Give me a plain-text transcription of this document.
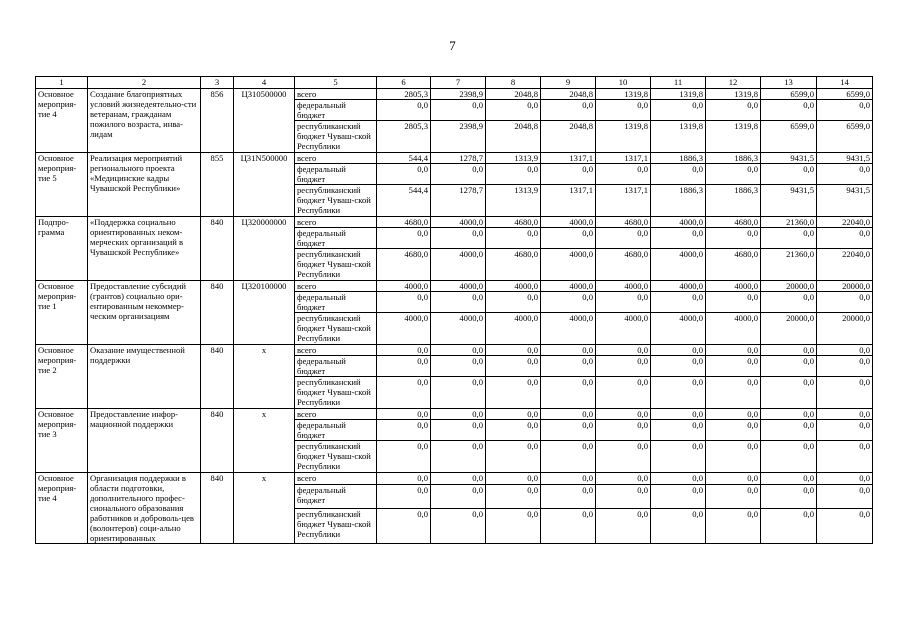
7
1	2	3	4	5	6	7	8	9	10	11	12	13	14
Основное мероприя-тие 4	Создание благоприятных условий жизнедеятельно-сти ветеранам, гражданам пожилого возраста, инва-лидам	856	Ц310500000	всего	2805,3	2398,9	2048,8	2048,8	1319,8	1319,8	1319,8	6599,0	6599,0
				федеральный бюджет	0,0	0,0	0,0	0,0	0,0	0,0	0,0	0,0	0,0
				республиканский бюджет Чуваш-ской Республики	2805,3	2398,9	2048,8	2048,8	1319,8	1319,8	1319,8	6599,0	6599,0
Основное мероприя-тие 5	Реализация мероприятий регионального проекта «Медицинские кадры Чувашской Республики»	855	Ц31N500000	всего	544,4	1278,7	1313,9	1317,1	1317,1	1886,3	1886,3	9431,5	9431,5
				федеральный бюджет	0,0	0,0	0,0	0,0	0,0	0,0	0,0	0,0	0,0
				республиканский бюджет Чуваш-ской Республики	544,4	1278,7	1313,9	1317,1	1317,1	1886,3	1886,3	9431,5	9431,5
Подпро-грамма	«Поддержка социально ориентированных неком-мерческих организаций в Чувашской Республике»	840	Ц320000000	всего	4680,0	4000,0	4680,0	4000,0	4680,0	4000,0	4680,0	21360,0	22040,0
				федеральный бюджет	0,0	0,0	0,0	0,0	0,0	0,0	0,0	0,0	0,0
				республиканский бюджет Чуваш-ской Республики	4680,0	4000,0	4680,0	4000,0	4680,0	4000,0	4680,0	21360,0	22040,0
Основное мероприя-тие 1	Предоставление субсидий (грантов) социально ори-ентированным некоммер-ческим организациям	840	Ц320100000	всего	4000,0	4000,0	4000,0	4000,0	4000,0	4000,0	4000,0	20000,0	20000,0
				федеральный бюджет	0,0	0,0	0,0	0,0	0,0	0,0	0,0	0,0	0,0
				республиканский бюджет Чуваш-ской Республики	4000,0	4000,0	4000,0	4000,0	4000,0	4000,0	4000,0	20000,0	20000,0
Основное мероприя-тие 2	Оказание имущественной поддержки	840	x	всего	0,0	0,0	0,0	0,0	0,0	0,0	0,0	0,0	0,0
				федеральный бюджет	0,0	0,0	0,0	0,0	0,0	0,0	0,0	0,0	0,0
				республиканский бюджет Чуваш-ской Республики	0,0	0,0	0,0	0,0	0,0	0,0	0,0	0,0	0,0
Основное мероприя-тие 3	Предоставление инфор-мационной поддержки	840	x	всего	0,0	0,0	0,0	0,0	0,0	0,0	0,0	0,0	0,0
				федеральный бюджет	0,0	0,0	0,0	0,0	0,0	0,0	0,0	0,0	0,0
				республиканский бюджет Чуваш-ской Республики	0,0	0,0	0,0	0,0	0,0	0,0	0,0	0,0	0,0
Основное мероприя-тие 4	Организация поддержки в области подготовки, дополнительного профес-сионального образования работников и доброволь-цев (волонтеров) соци-ально ориентированных	840	x	всего	0,0	0,0	0,0	0,0	0,0	0,0	0,0	0,0	0,0
				федеральный бюджет	0,0	0,0	0,0	0,0	0,0	0,0	0,0	0,0	0,0
				республиканский бюджет Чуваш-ской Республики	0,0	0,0	0,0	0,0	0,0	0,0	0,0	0,0	0,0
